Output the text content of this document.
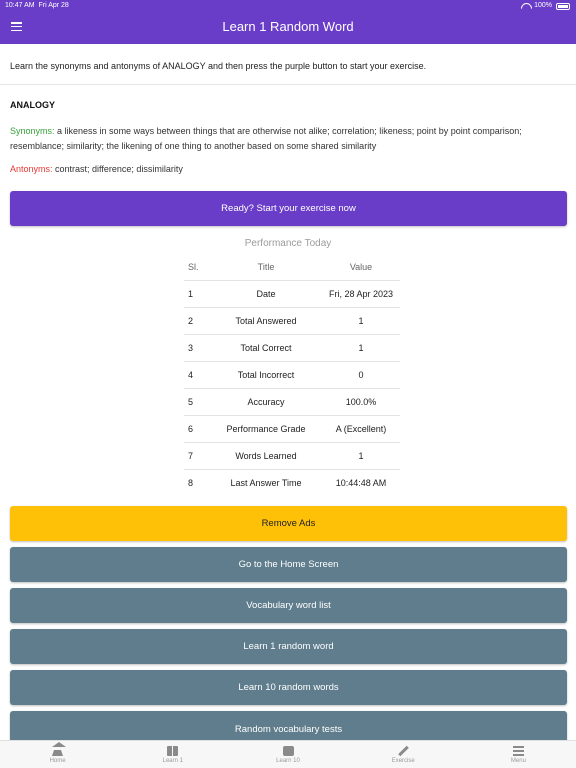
10:47 AM Fri Apr 28	100%
Learn 1 Random Word
Learn the synonyms and antonyms of ANALOGY and then press the purple button to start your exercise.
ANALOGY
Synonyms: a likeness in some ways between things that are otherwise not alike; correlation; likeness; point by point comparison; resemblance; similarity; the likening of one thing to another based on some shared similarity
Antonyms: contrast; difference; dissimilarity
Ready? Start your exercise now
Performance Today
Sl.	Title	Value
1	Date	Fri, 28 Apr 2023
2	Total Answered	1
3	Total Correct	1
4	Total Incorrect	0
5	Accuracy	100.0%
6	Performance Grade	A (Excellent)
7	Words Learned	1
8	Last Answer Time	10:44:48 AM
Remove Ads
Go to the Home Screen
Vocabulary word list
Learn 1 random word
Learn 10 random words
Random vocabulary tests
Home	Learn 1	Learn 10	Exercise	Menu
